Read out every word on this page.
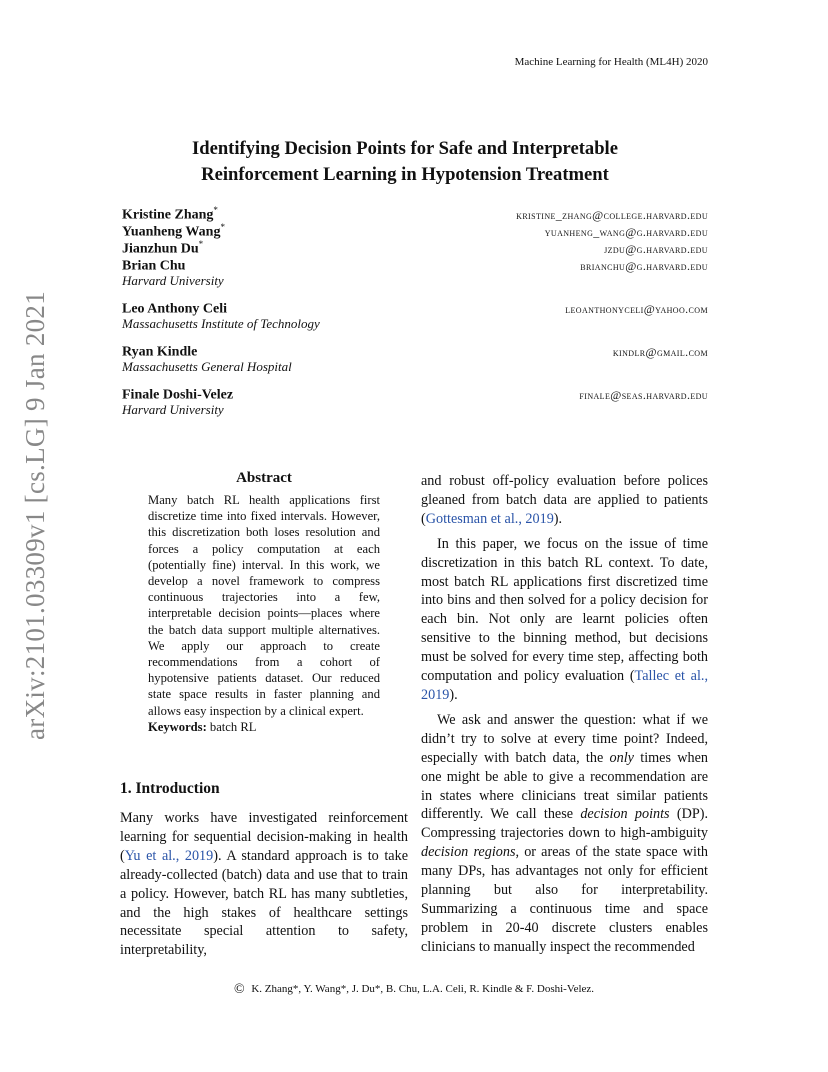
Machine Learning for Health (ML4H) 2020
arXiv:2101.03309v1 [cs.LG] 9 Jan 2021
Identifying Decision Points for Safe and Interpretable
Reinforcement Learning in Hypotension Treatment
Kristine Zhang*	kristine_zhang@college.harvard.edu
Yuanheng Wang*	yuanheng_wang@g.harvard.edu
Jianzhun Du*	jzdu@g.harvard.edu
Brian Chu	brianchu@g.harvard.edu
Harvard University
Leo Anthony Celi	leoanthonyceli@yahoo.com
Massachusetts Institute of Technology
Ryan Kindle	kindlr@gmail.com
Massachusetts General Hospital
Finale Doshi-Velez	finale@seas.harvard.edu
Harvard University
Abstract
Many batch RL health applications first discretize time into fixed intervals. However, this discretization both loses resolution and forces a policy computation at each (potentially fine) interval. In this work, we develop a novel framework to compress continuous trajectories into a few, interpretable decision points—places where the batch data support multiple alternatives. We apply our approach to create recommendations from a cohort of hypotensive patients dataset. Our reduced state space results in faster planning and allows easy inspection by a clinical expert.
Keywords: batch RL
1. Introduction
Many works have investigated reinforcement learning for sequential decision-making in health (Yu et al., 2019). A standard approach is to take already-collected (batch) data and use that to train a policy. However, batch RL has many subtleties, and the high stakes of healthcare settings necessitate special attention to safety, interpretability,

and robust off-policy evaluation before polices gleaned from batch data are applied to patients (Gottesman et al., 2019).

In this paper, we focus on the issue of time discretization in this batch RL context. To date, most batch RL applications first discretized time into bins and then solved for a policy decision for each bin. Not only are learnt policies often sensitive to the binning method, but decisions must be solved for every time step, affecting both computation and policy evaluation (Tallec et al., 2019).

We ask and answer the question: what if we didn’t try to solve at every time point? Indeed, especially with batch data, the only times when one might be able to give a recommendation are in states where clinicians treat similar patients differently. We call these decision points (DP). Compressing trajectories down to high-ambiguity decision regions, or areas of the state space with many DPs, has advantages not only for efficient planning but also for interpretability. Summarizing a continuous time and space problem in 20-40 discrete clusters enables clinicians to manually inspect the recommended

© K. Zhang*, Y. Wang*, J. Du*, B. Chu, L.A. Celi, R. Kindle & F. Doshi-Velez.
